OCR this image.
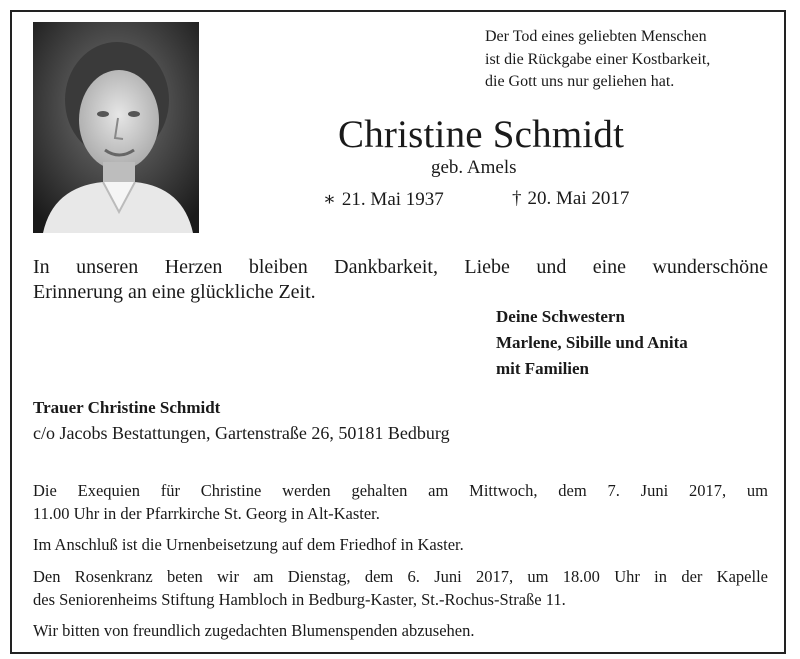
Der Tod eines geliebten Menschen
ist die Rückgabe einer Kostbarkeit,
die Gott uns nur geliehen hat.
Christine Schmidt
geb. Amels
∗ 21. Mai 1937	† 20. Mai 2017
In unseren Herzen bleiben Dankbarkeit, Liebe und eine wunderschöne
Erinnerung an eine glückliche Zeit.
Deine Schwestern
Marlene, Sibille und Anita
mit Familien
Trauer Christine Schmidt
c/o Jacobs Bestattungen, Gartenstraße 26, 50181 Bedburg
Die Exequien für Christine werden gehalten am Mittwoch, dem 7. Juni 2017, um
11.00 Uhr in der Pfarrkirche St. Georg in Alt-Kaster.
Im Anschluß ist die Urnenbeisetzung auf dem Friedhof in Kaster.
Den Rosenkranz beten wir am Dienstag, dem 6. Juni 2017, um 18.00 Uhr in der Kapelle
des Seniorenheims Stiftung Hambloch in Bedburg-Kaster, St.-Rochus-Straße 11.
Wir bitten von freundlich zugedachten Blumenspenden abzusehen.
